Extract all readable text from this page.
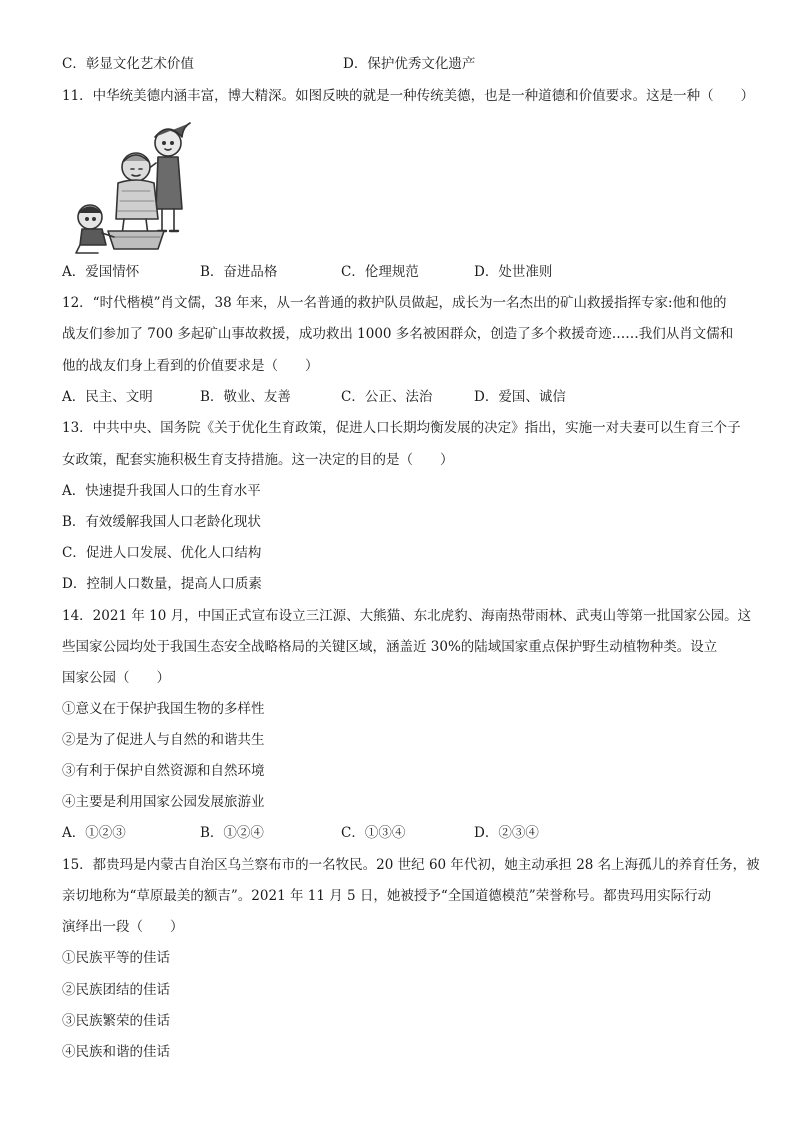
C．彰显文化艺术价值	D．保护优秀文化遗产
11．中华统美德内涵丰富，博大精深。如图反映的就是一种传统美德，也是一种道德和价值要求。这是一种（　　）
A．爱国情怀	B．奋进品格	C．伦理规范	D．处世准则
12．“时代楷模”肖文儒，38 年来，从一名普通的救护队员做起，成长为一名杰出的矿山救援指挥专家:他和他的
战友们参加了 700 多起矿山事故救援，成功救出 1000 多名被困群众，创造了多个救援奇迹……我们从肖文儒和
他的战友们身上看到的价值要求是（　　）
A．民主、文明	B．敬业、友善	C．公正、法治	D．爱国、诚信
13．中共中央、国务院《关于优化生育政策，促进人口长期均衡发展的决定》指出，实施一对夫妻可以生育三个子
女政策，配套实施积极生育支持措施。这一决定的目的是（　　）
A．快速提升我国人口的生育水平
B．有效缓解我国人口老龄化现状
C．促进人口发展、优化人口结构
D．控制人口数量，提高人口质素
14．2021 年 10 月，中国正式宣布设立三江源、大熊猫、东北虎豹、海南热带雨林、武夷山等第一批国家公园。这
些国家公园均处于我国生态安全战略格局的关键区域，涵盖近 30%的陆域国家重点保护野生动植物种类。设立
国家公园（　　）
①意义在于保护我国生物的多样性
②是为了促进人与自然的和谐共生
③有利于保护自然资源和自然环境
④主要是利用国家公园发展旅游业
A．①②③	B．①②④	C．①③④	D．②③④
15．都贵玛是内蒙古自治区乌兰察布市的一名牧民。20 世纪 60 年代初，她主动承担 28 名上海孤儿的养育任务，被
亲切地称为“草原最美的额吉”。2021 年 11 月 5 日，她被授予“全国道德模范”荣誉称号。都贵玛用实际行动
演绎出一段（　　）
①民族平等的佳话
②民族团结的佳话
③民族繁荣的佳话
④民族和谐的佳话
